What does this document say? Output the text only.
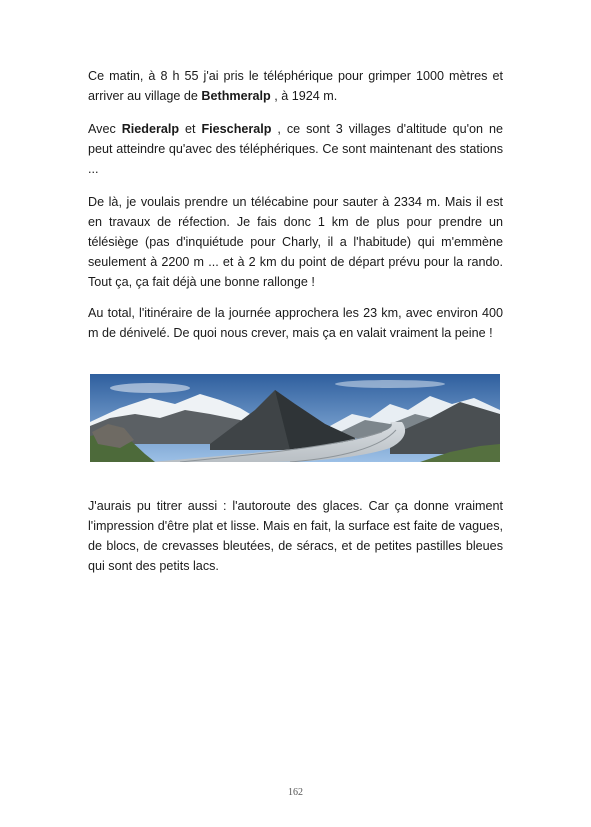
Ce matin, à 8 h 55 j'ai pris le téléphérique pour grimper 1000 mètres et arriver au village de Bethmeralp , à 1924 m.

Avec Riederalp et Fiescheralp , ce sont 3 villages d'altitude qu'on ne peut atteindre qu'avec des téléphériques. Ce sont maintenant des stations ...

De là, je voulais prendre un télécabine pour sauter à 2334 m. Mais il est en travaux de réfection. Je fais donc 1 km de plus pour prendre un télésiège (pas d'inquiétude pour Charly, il a l'habitude) qui m'emmène seulement à 2200 m ... et à 2 km du point de départ prévu pour la rando. Tout ça, ça fait déjà une bonne rallonge !

Au total, l'itinéraire de la journée approchera les 23 km, avec environ 400 m de dénivelé. De quoi nous crever, mais ça en valait vraiment la peine !

J'aurais pu titrer aussi : l'autoroute des glaces. Car ça donne vraiment l'impression d'être plat et lisse. Mais en fait, la surface est faite de vagues, de blocs, de crevasses bleutées, de séracs, et de petites pastilles bleues qui sont des petits lacs.

162
